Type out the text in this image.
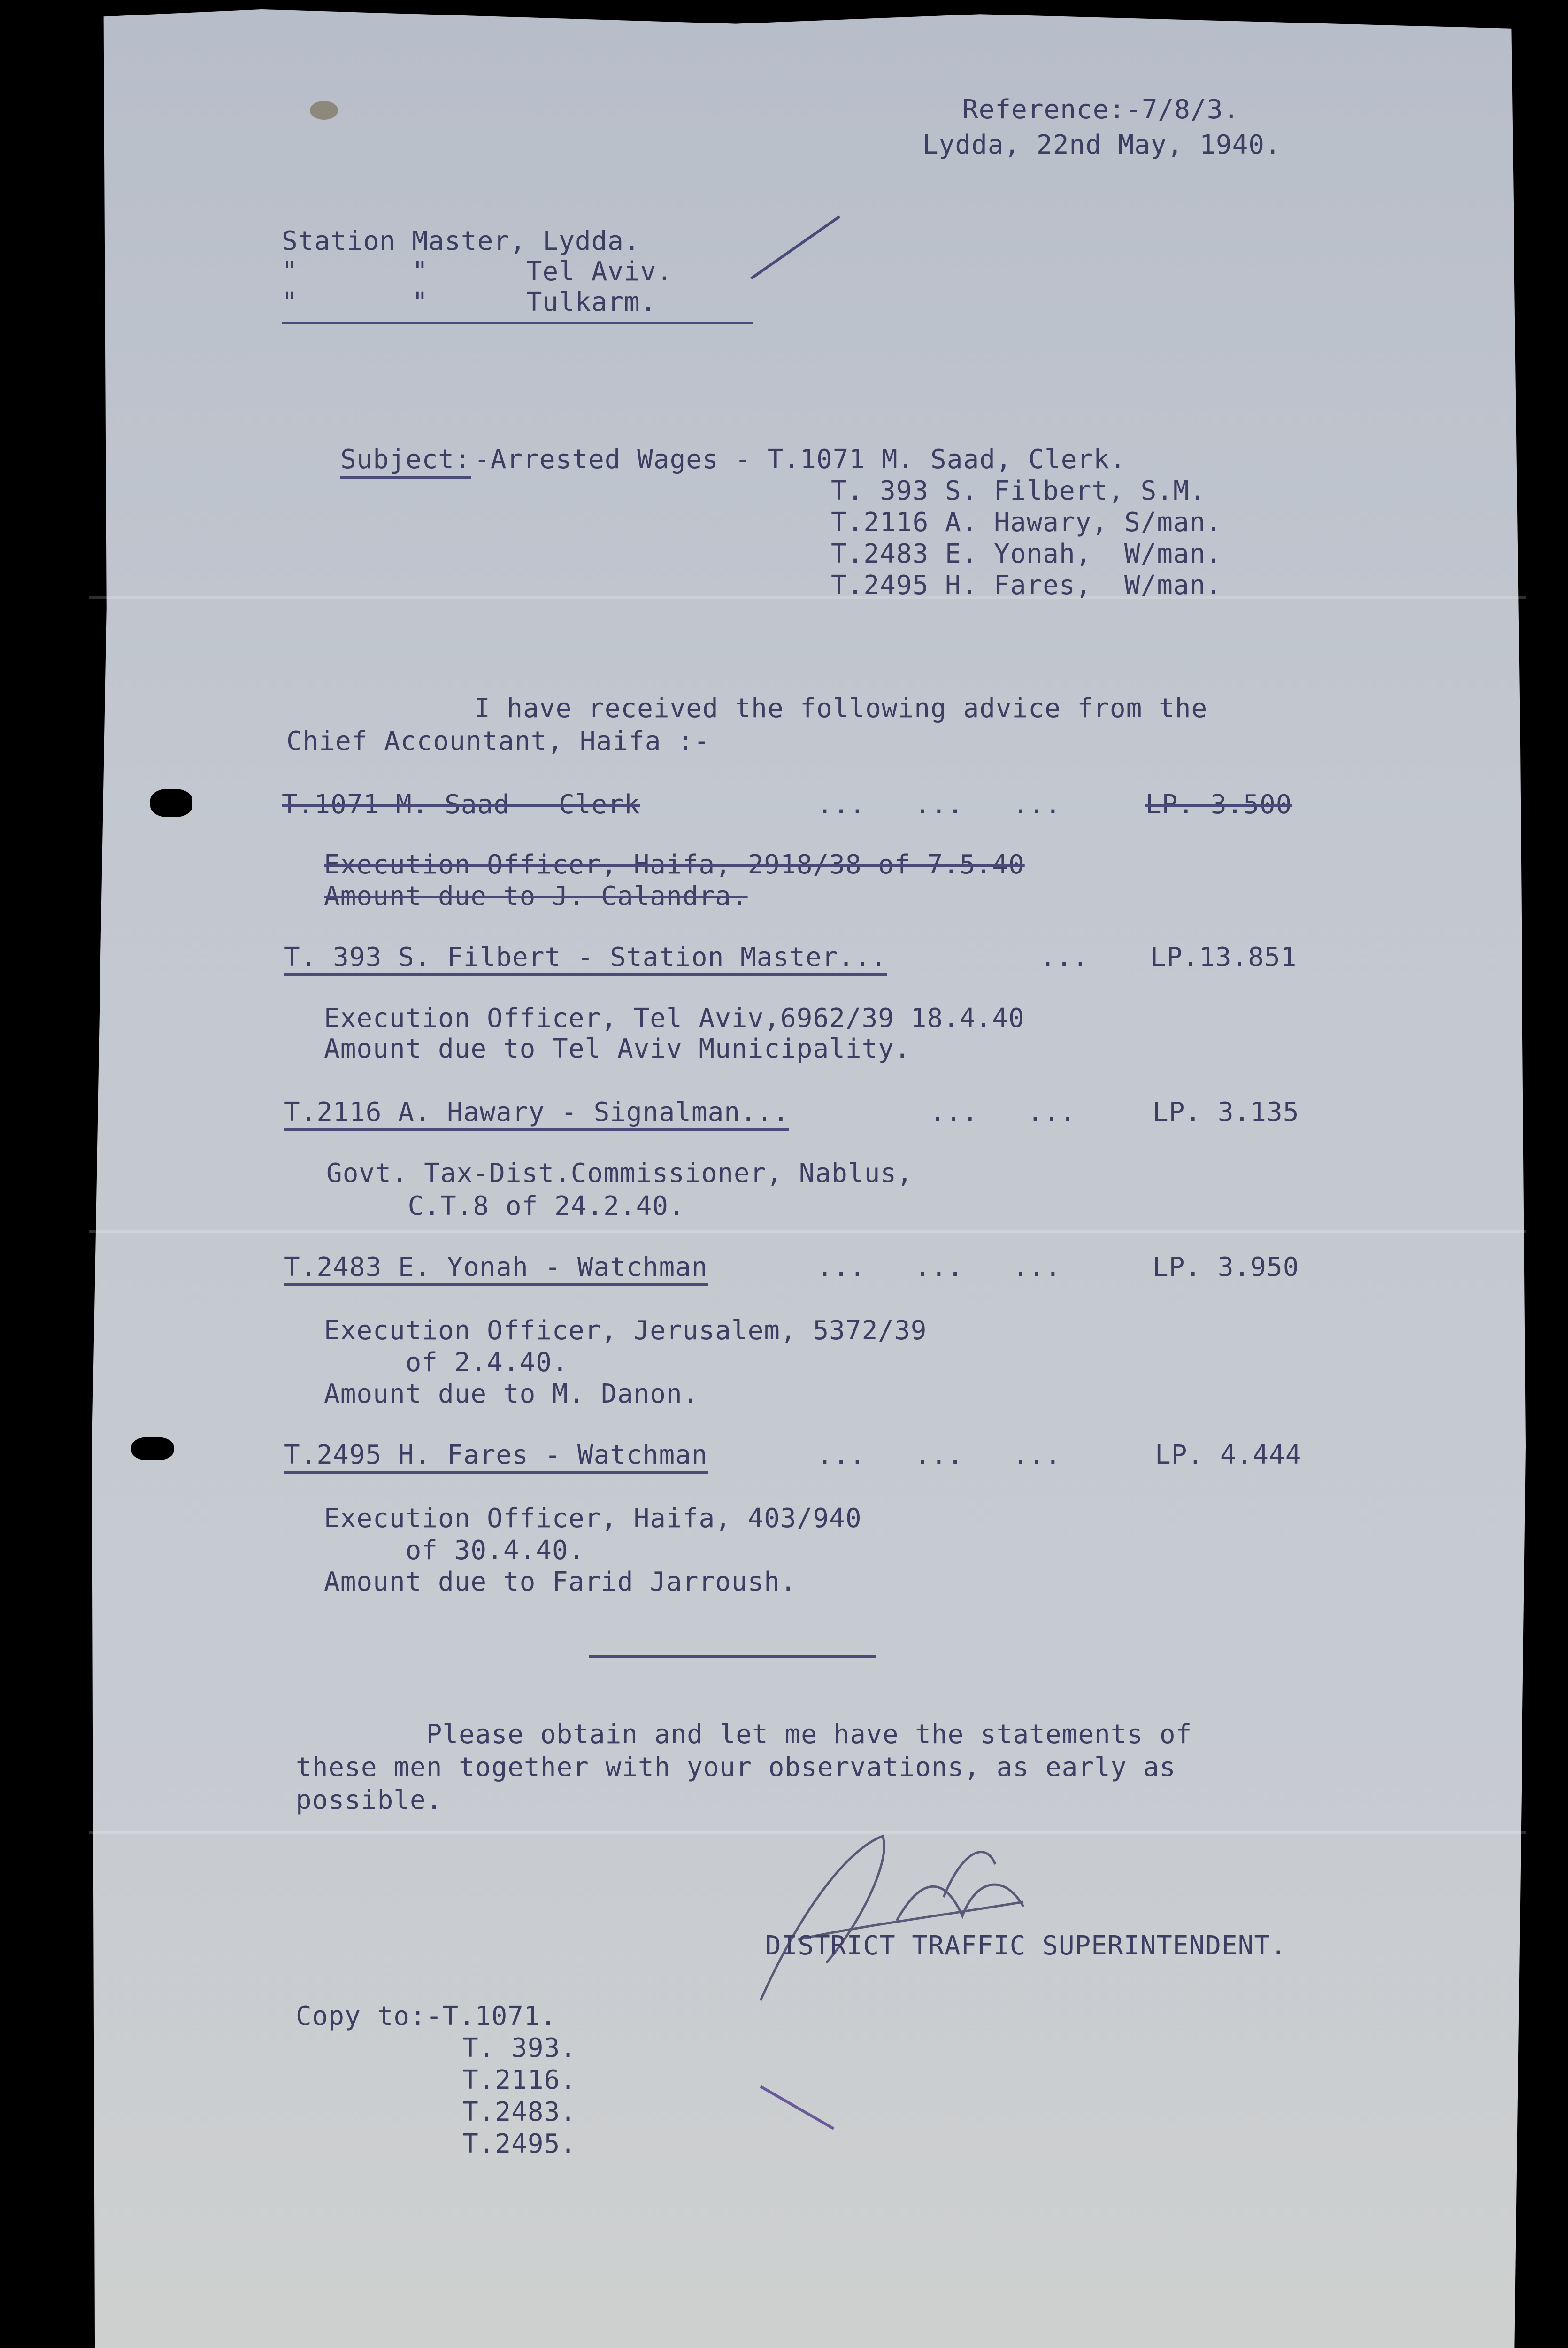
Reference:-7/8/3.
Lydda, 22nd May, 1940.
Station Master, Lydda.
"       "      Tel Aviv.
"       "      Tulkarm.
Subject: -Arrested Wages - T.1071 M. Saad, Clerk.
T. 393 S. Filbert, S.M.
T.2116 A. Hawary, S/man.
T.2483 E. Yonah,  W/man.
T.2495 H. Fares,  W/man.
I have received the following advice from the
Chief Accountant, Haifa :-
T.1071 M. Saad - Clerk	...   ...   ...	LP. 3.500
Execution Officer, Haifa, 2918/38 of 7.5.40
Amount due to J. Calandra.
T. 393 S. Filbert - Station Master...	... LP.13.851
Execution Officer, Tel Aviv,6962/39 18.4.40
Amount due to Tel Aviv Municipality.
T.2116 A. Hawary - Signalman...	...   ...	LP. 3.135
Govt. Tax-Dist.Commissioner, Nablus,
C.T.8 of 24.2.40.
T.2483 E. Yonah - Watchman	...   ...   ...	LP. 3.950
Execution Officer, Jerusalem, 5372/39
of 2.4.40.
Amount due to M. Danon.
T.2495 H. Fares - Watchman	...   ...   ...	LP. 4.444
Execution Officer, Haifa, 403/940
of 30.4.40.
Amount due to Farid Jarroush.
Please obtain and let me have the statements of
these men together with your observations, as early as
possible.
DISTRICT TRAFFIC SUPERINTENDENT.
Copy to:-T.1071.
T. 393.
T.2116.
T.2483.
T.2495.
